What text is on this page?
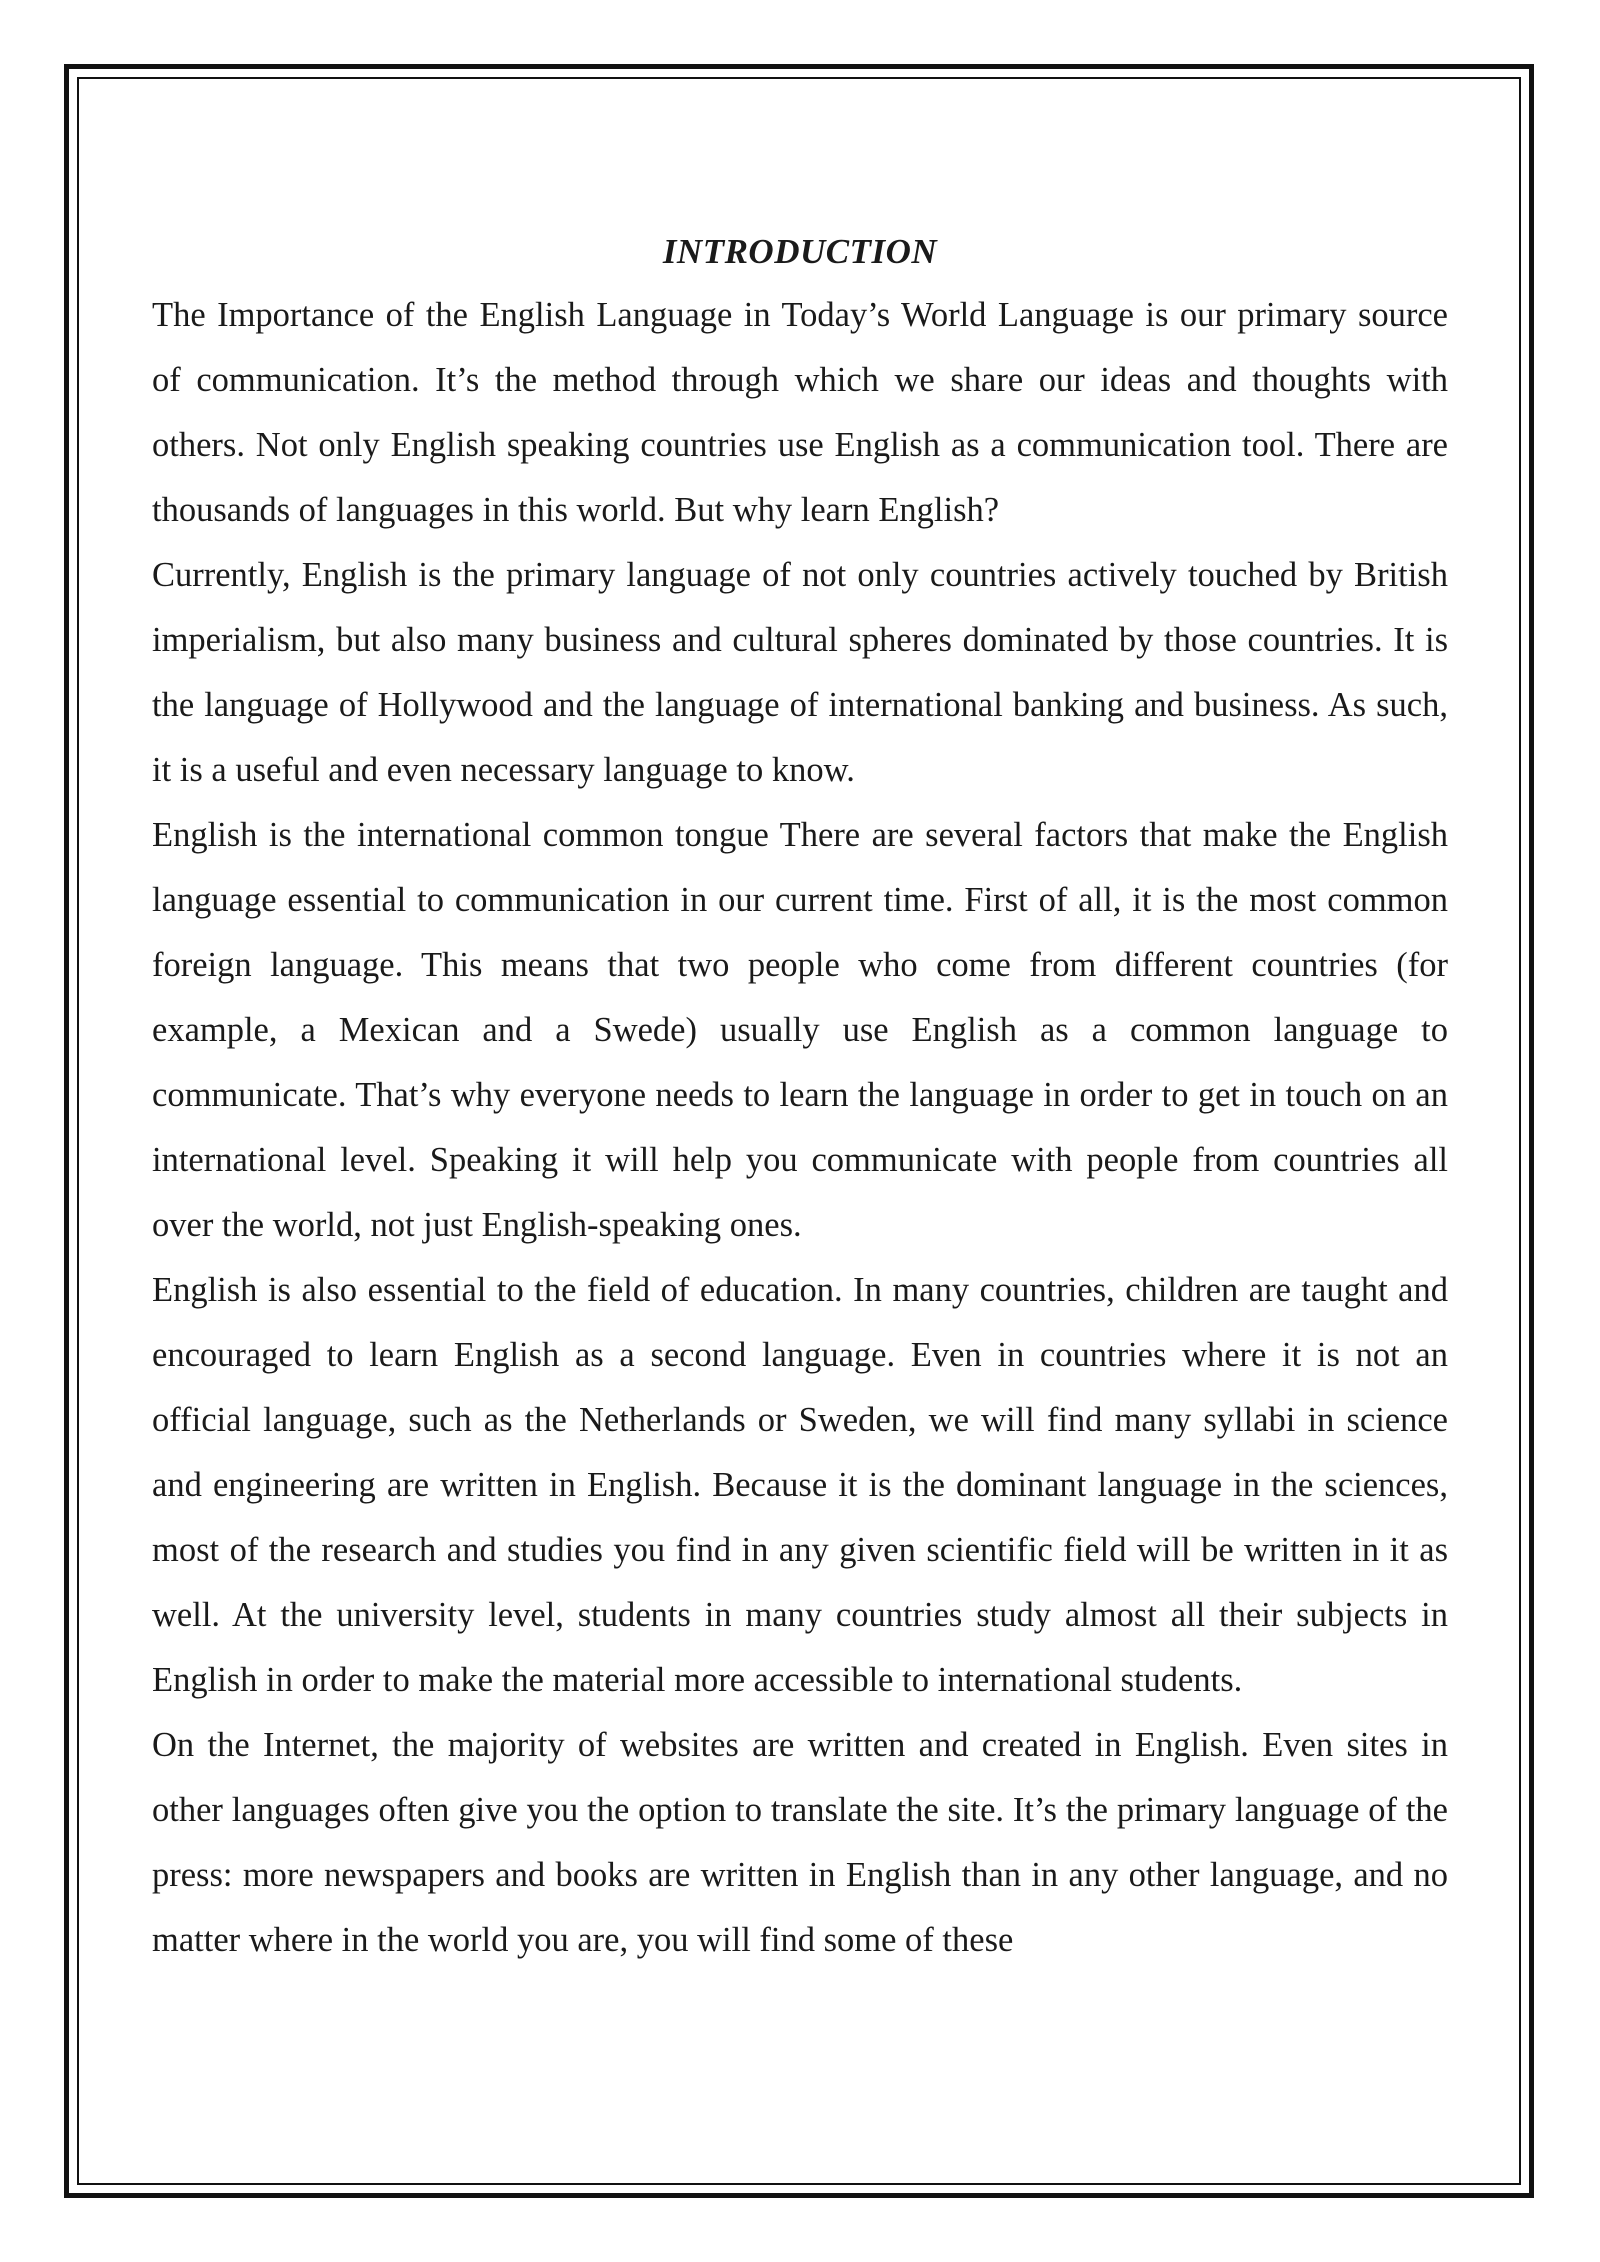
INTRODUCTION

The Importance of the English Language in Today’s World Language is our primary source of communication. It’s the method through which we share our ideas and thoughts with others. Not only English speaking countries use English as a communication tool. There are thousands of languages in this world. But why learn English?

Currently, English is the primary language of not only countries actively touched by British imperialism, but also many business and cultural spheres dominated by those countries. It is the language of Hollywood and the language of international banking and business. As such, it is a useful and even necessary language to know.

English is the international common tongue There are several factors that make the English language essential to communication in our current time. First of all, it is the most common foreign language. This means that two people who come from different countries (for example, a Mexican and a Swede) usually use English as a common language to communicate. That’s why everyone needs to learn the language in order to get in touch on an international level. Speaking it will help you communicate with people from countries all over the world, not just English-speaking ones.

English is also essential to the field of education. In many countries, children are taught and encouraged to learn English as a second language. Even in countries where it is not an official language, such as the Netherlands or Sweden, we will find many syllabi in science and engineering are written in English. Because it is the dominant language in the sciences, most of the research and studies you find in any given scientific field will be written in it as well. At the university level, students in many countries study almost all their subjects in English in order to make the material more accessible to international students.

On the Internet, the majority of websites are written and created in English. Even sites in other languages often give you the option to translate the site. It’s the primary language of the press: more newspapers and books are written in English than in any other language, and no matter where in the world you are, you will find some of these
